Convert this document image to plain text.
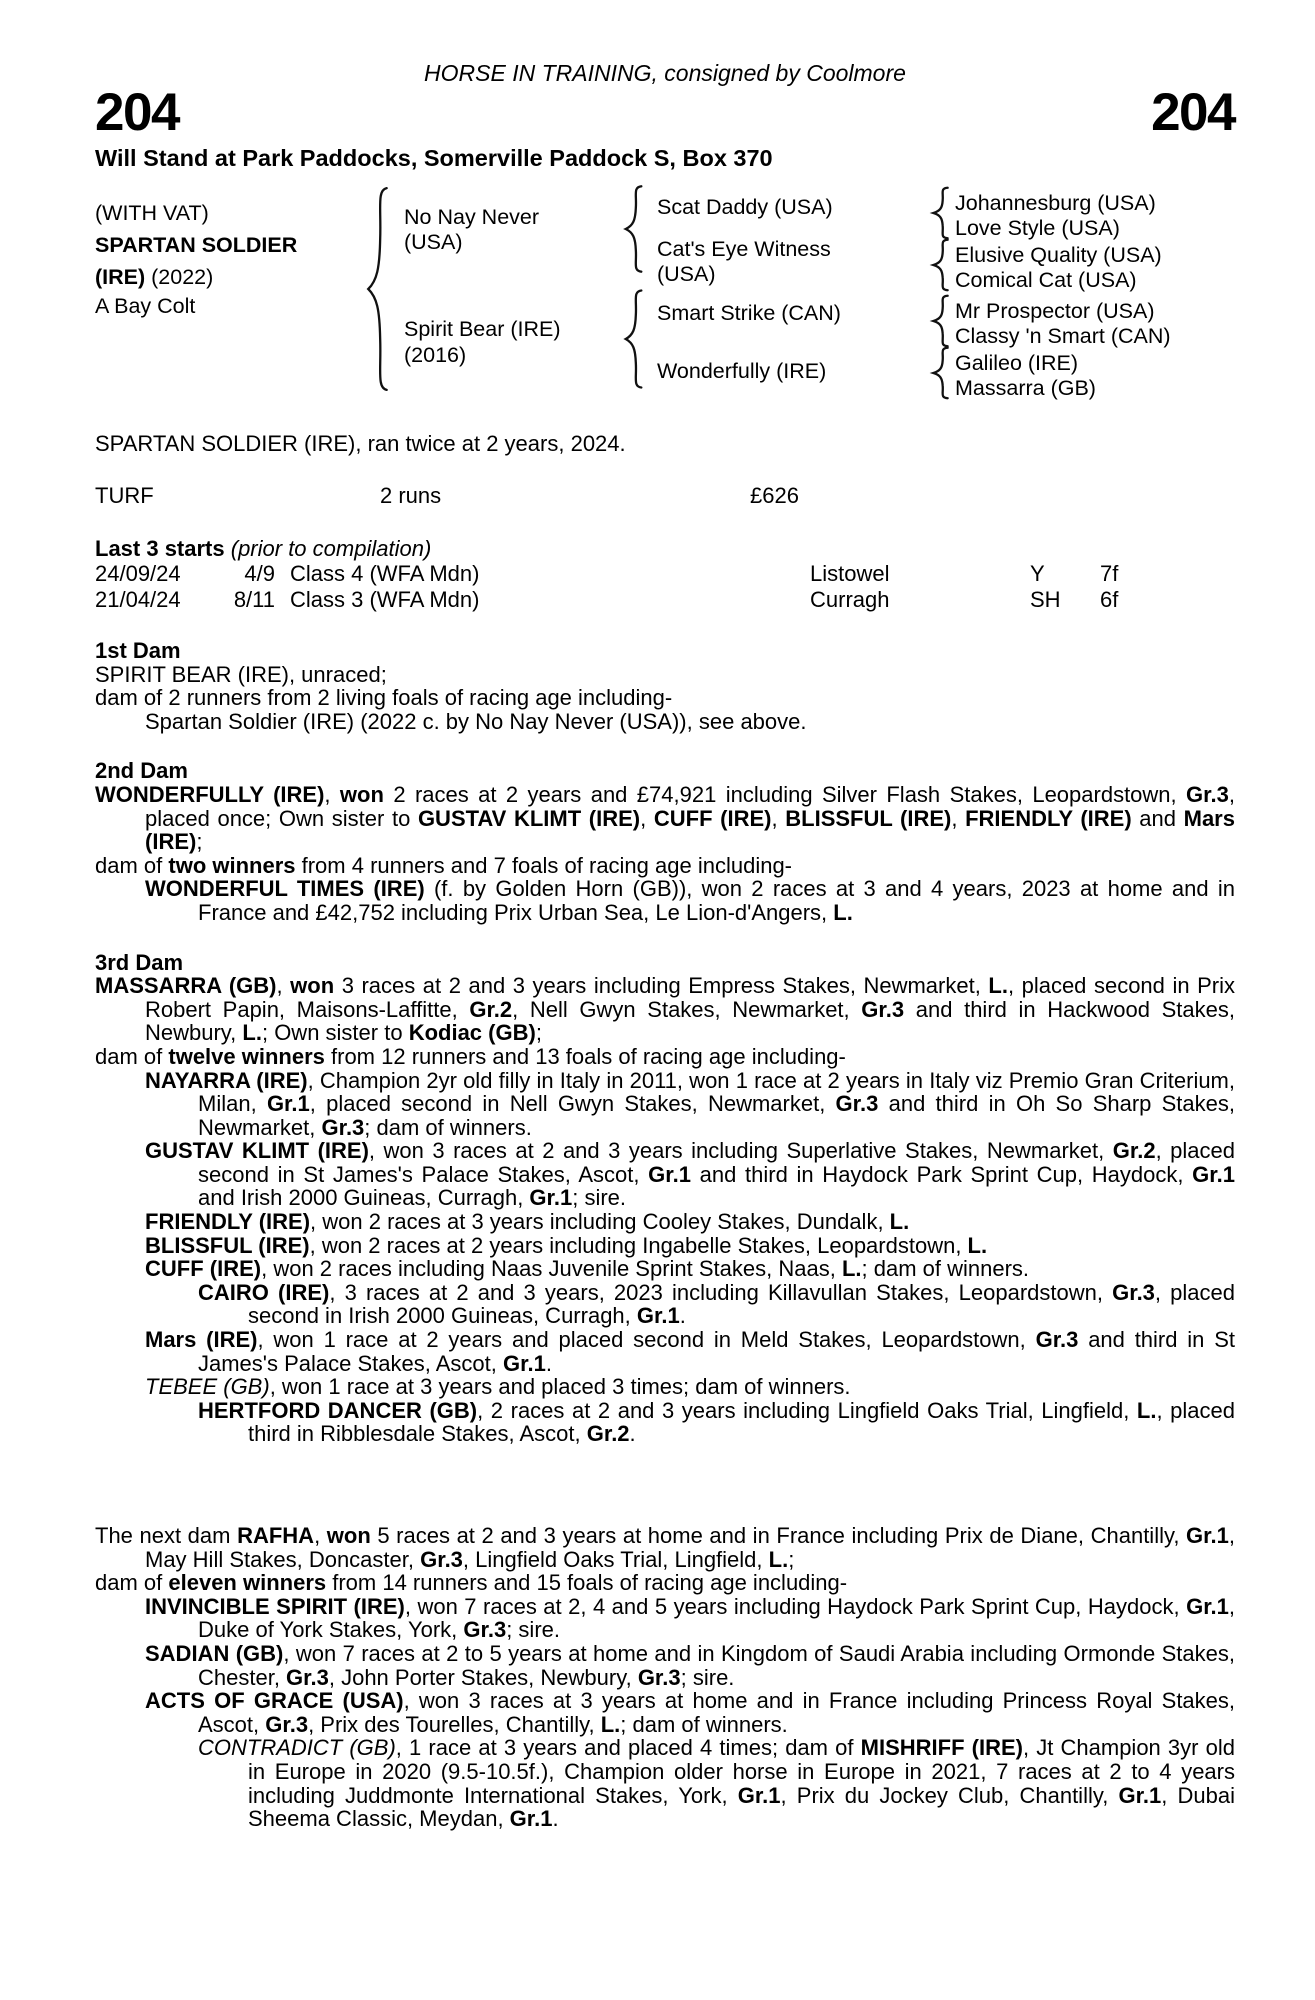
HORSE IN TRAINING, consigned by Coolmore
204	204
Will Stand at Park Paddocks, Somerville Paddock S, Box 370
(WITH VAT)
SPARTAN SOLDIER
(IRE) (2022)
A Bay Colt
No Nay Never
(USA)
Spirit Bear (IRE)
(2016)
Scat Daddy (USA)
Cat's Eye Witness
(USA)
Smart Strike (CAN)
Wonderfully (IRE)
Johannesburg (USA)
Love Style (USA)
Elusive Quality (USA)
Comical Cat (USA)
Mr Prospector (USA)
Classy 'n Smart (CAN)
Galileo (IRE)
Massarra (GB)
SPARTAN SOLDIER (IRE), ran twice at 2 years, 2024.
TURF	2 runs	£626
Last 3 starts (prior to compilation)
24/09/24	4/9 Class 4 (WFA Mdn)	Listowel	Y	7f
21/04/24	8/11 Class 3 (WFA Mdn)	Curragh	SH	6f
1st Dam
SPIRIT BEAR (IRE), unraced;
dam of 2 runners from 2 living foals of racing age including-
Spartan Soldier (IRE) (2022 c. by No Nay Never (USA)), see above.
2nd Dam
WONDERFULLY (IRE), won 2 races at 2 years and £74,921 including Silver Flash Stakes, Leopardstown, Gr.3, placed once; Own sister to GUSTAV KLIMT (IRE), CUFF (IRE), BLISSFUL (IRE), FRIENDLY (IRE) and Mars (IRE);
dam of two winners from 4 runners and 7 foals of racing age including-
WONDERFUL TIMES (IRE) (f. by Golden Horn (GB)), won 2 races at 3 and 4 years, 2023 at home and in France and £42,752 including Prix Urban Sea, Le Lion-d'Angers, L.
3rd Dam
MASSARRA (GB), won 3 races at 2 and 3 years including Empress Stakes, Newmarket, L., placed second in Prix Robert Papin, Maisons-Laffitte, Gr.2, Nell Gwyn Stakes, Newmarket, Gr.3 and third in Hackwood Stakes, Newbury, L.; Own sister to Kodiac (GB);
dam of twelve winners from 12 runners and 13 foals of racing age including-
NAYARRA (IRE), Champion 2yr old filly in Italy in 2011, won 1 race at 2 years in Italy viz Premio Gran Criterium, Milan, Gr.1, placed second in Nell Gwyn Stakes, Newmarket, Gr.3 and third in Oh So Sharp Stakes, Newmarket, Gr.3; dam of winners.
GUSTAV KLIMT (IRE), won 3 races at 2 and 3 years including Superlative Stakes, Newmarket, Gr.2, placed second in St James's Palace Stakes, Ascot, Gr.1 and third in Haydock Park Sprint Cup, Haydock, Gr.1 and Irish 2000 Guineas, Curragh, Gr.1; sire.
FRIENDLY (IRE), won 2 races at 3 years including Cooley Stakes, Dundalk, L.
BLISSFUL (IRE), won 2 races at 2 years including Ingabelle Stakes, Leopardstown, L.
CUFF (IRE), won 2 races including Naas Juvenile Sprint Stakes, Naas, L.; dam of winners.
CAIRO (IRE), 3 races at 2 and 3 years, 2023 including Killavullan Stakes, Leopardstown, Gr.3, placed second in Irish 2000 Guineas, Curragh, Gr.1.
Mars (IRE), won 1 race at 2 years and placed second in Meld Stakes, Leopardstown, Gr.3 and third in St James's Palace Stakes, Ascot, Gr.1.
TEBEE (GB), won 1 race at 3 years and placed 3 times; dam of winners.
HERTFORD DANCER (GB), 2 races at 2 and 3 years including Lingfield Oaks Trial, Lingfield, L., placed third in Ribblesdale Stakes, Ascot, Gr.2.
The next dam RAFHA, won 5 races at 2 and 3 years at home and in France including Prix de Diane, Chantilly, Gr.1, May Hill Stakes, Doncaster, Gr.3, Lingfield Oaks Trial, Lingfield, L.;
dam of eleven winners from 14 runners and 15 foals of racing age including-
INVINCIBLE SPIRIT (IRE), won 7 races at 2, 4 and 5 years including Haydock Park Sprint Cup, Haydock, Gr.1, Duke of York Stakes, York, Gr.3; sire.
SADIAN (GB), won 7 races at 2 to 5 years at home and in Kingdom of Saudi Arabia including Ormonde Stakes, Chester, Gr.3, John Porter Stakes, Newbury, Gr.3; sire.
ACTS OF GRACE (USA), won 3 races at 3 years at home and in France including Princess Royal Stakes, Ascot, Gr.3, Prix des Tourelles, Chantilly, L.; dam of winners.
CONTRADICT (GB), 1 race at 3 years and placed 4 times; dam of MISHRIFF (IRE), Jt Champion 3yr old in Europe in 2020 (9.5-10.5f.), Champion older horse in Europe in 2021, 7 races at 2 to 4 years including Juddmonte International Stakes, York, Gr.1, Prix du Jockey Club, Chantilly, Gr.1, Dubai Sheema Classic, Meydan, Gr.1.
